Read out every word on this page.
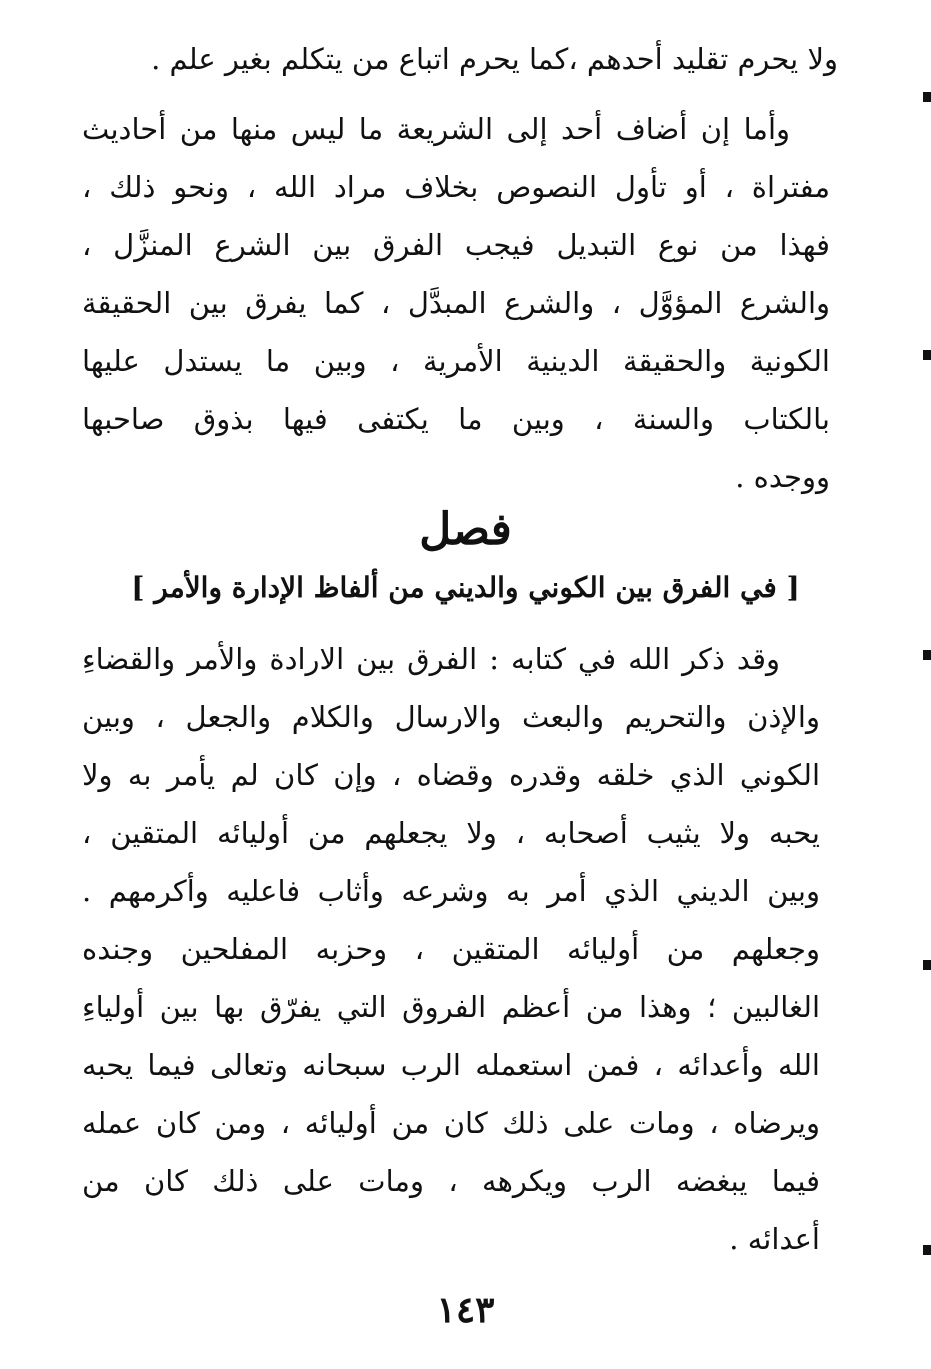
ولا يحرم تقليد أحدهم ،كما يحرم اتباع من يتكلم بغير علم .
وأما إن أضاف أحد إلى الشريعة ما ليس منها من أحاديث
مفتراة ، أو تأول النصوص بخلاف مراد الله ، ونحو ذلك ،
فهذا من نوع التبديل فيجب الفرق بين الشرع المنزَّل ،
والشرع المؤوَّل ، والشرع المبدَّل ، كما يفرق بين الحقيقة
الكونية والحقيقة الدينية الأمرية ، وبين ما يستدل عليها
بالكتاب والسنة ، وبين ما يكتفى فيها بذوق صاحبها
ووجده .
فصل
[ في الفرق بين الكوني والديني من ألفاظ الإدارة والأمر ]
وقد ذكر الله في كتابه : الفرق بين الارادة والأمر والقضاءِ
والإذن والتحريم والبعث والارسال والكلام والجعل ، وبين
الكوني الذي خلقه وقدره وقضاه ، وإن كان لم يأمر به ولا
يحبه ولا يثيب أصحابه ، ولا يجعلهم من أوليائه المتقين ،
وبين الديني الذي أمر به وشرعه وأثاب فاعليه وأكرمهم .
وجعلهم من أوليائه المتقين ، وحزبه المفلحين وجنده
الغالبين ؛ وهذا من أعظم الفروق التي يفرّق بها بين أولياءِ
الله وأعدائه ، فمن استعمله الرب سبحانه وتعالى فيما يحبه
ويرضاه ، ومات على ذلك كان من أوليائه ، ومن كان عمله
فيما يبغضه الرب ويكرهه ، ومات على ذلك كان من
أعدائه .
١٤٣
